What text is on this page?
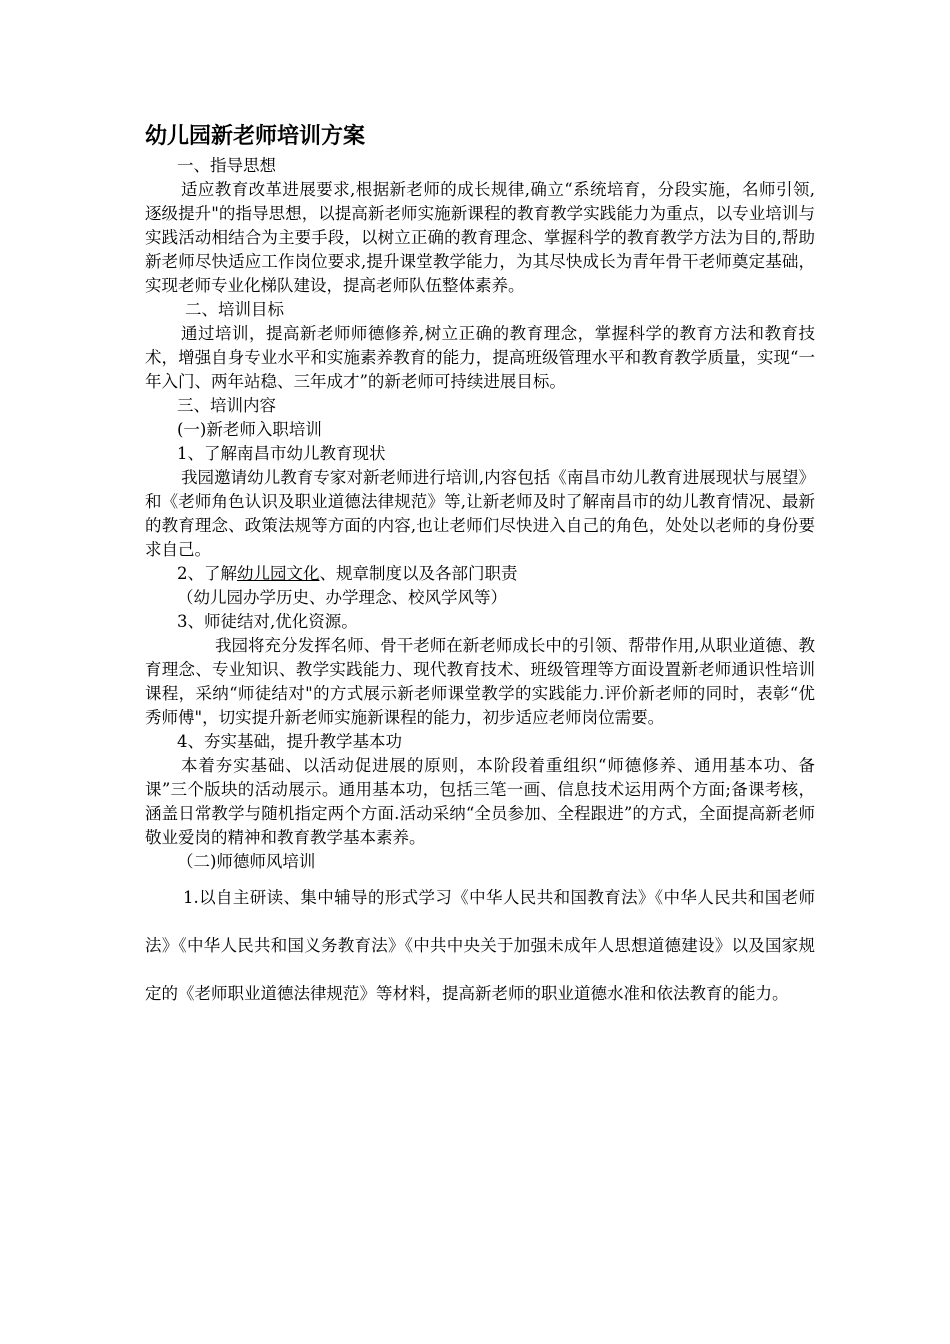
幼儿园新老师培训方案

一、指导思想

适应教育改革进展要求,根据新老师的成长规律,确立“系统培育，分段实施，名师引领,逐级提升"的指导思想，以提高新老师实施新课程的教育教学实践能力为重点，以专业培训与实践活动相结合为主要手段，以树立正确的教育理念、掌握科学的教育教学方法为目的,帮助新老师尽快适应工作岗位要求,提升课堂教学能力，为其尽快成长为青年骨干老师奠定基础，实现老师专业化梯队建设，提高老师队伍整体素养。

二、培训目标

通过培训，提高新老师师德修养,树立正确的教育理念，掌握科学的教育方法和教育技术，增强自身专业水平和实施素养教育的能力，提高班级管理水平和教育教学质量，实现“一年入门、两年站稳、三年成才”的新老师可持续进展目标。

三、培训内容

(一)新老师入职培训

1、了解南昌市幼儿教育现状

我园邀请幼儿教育专家对新老师进行培训,内容包括《南昌市幼儿教育进展现状与展望》和《老师角色认识及职业道德法律规范》等,让新老师及时了解南昌市的幼儿教育情况、最新的教育理念、政策法规等方面的内容,也让老师们尽快进入自己的角色，处处以老师的身份要求自己。

2、了解幼儿园文化、规章制度以及各部门职责

（幼儿园办学历史、办学理念、校风学风等）

3、师徒结对,优化资源。

我园将充分发挥名师、骨干老师在新老师成长中的引领、帮带作用,从职业道德、教育理念、专业知识、教学实践能力、现代教育技术、班级管理等方面设置新老师通识性培训课程，采纳“师徒结对"的方式展示新老师课堂教学的实践能力.评价新老师的同时，表彰“优秀师傅"，切实提升新老师实施新课程的能力，初步适应老师岗位需要。

4、夯实基础，提升教学基本功

本着夯实基础、以活动促进展的原则，本阶段着重组织“师德修养、通用基本功、备课”三个版块的活动展示。通用基本功，包括三笔一画、信息技术运用两个方面;备课考核，涵盖日常教学与随机指定两个方面.活动采纳“全员参加、全程跟进”的方式，全面提高新老师敬业爱岗的精神和教育教学基本素养。

（二)师德师风培训

1.以自主研读、集中辅导的形式学习《中华人民共和国教育法》《中华人民共和国老师法》《中华人民共和国义务教育法》《中共中央关于加强未成年人思想道德建设》以及国家规定的《老师职业道德法律规范》等材料，提高新老师的职业道德水准和依法教育的能力。
